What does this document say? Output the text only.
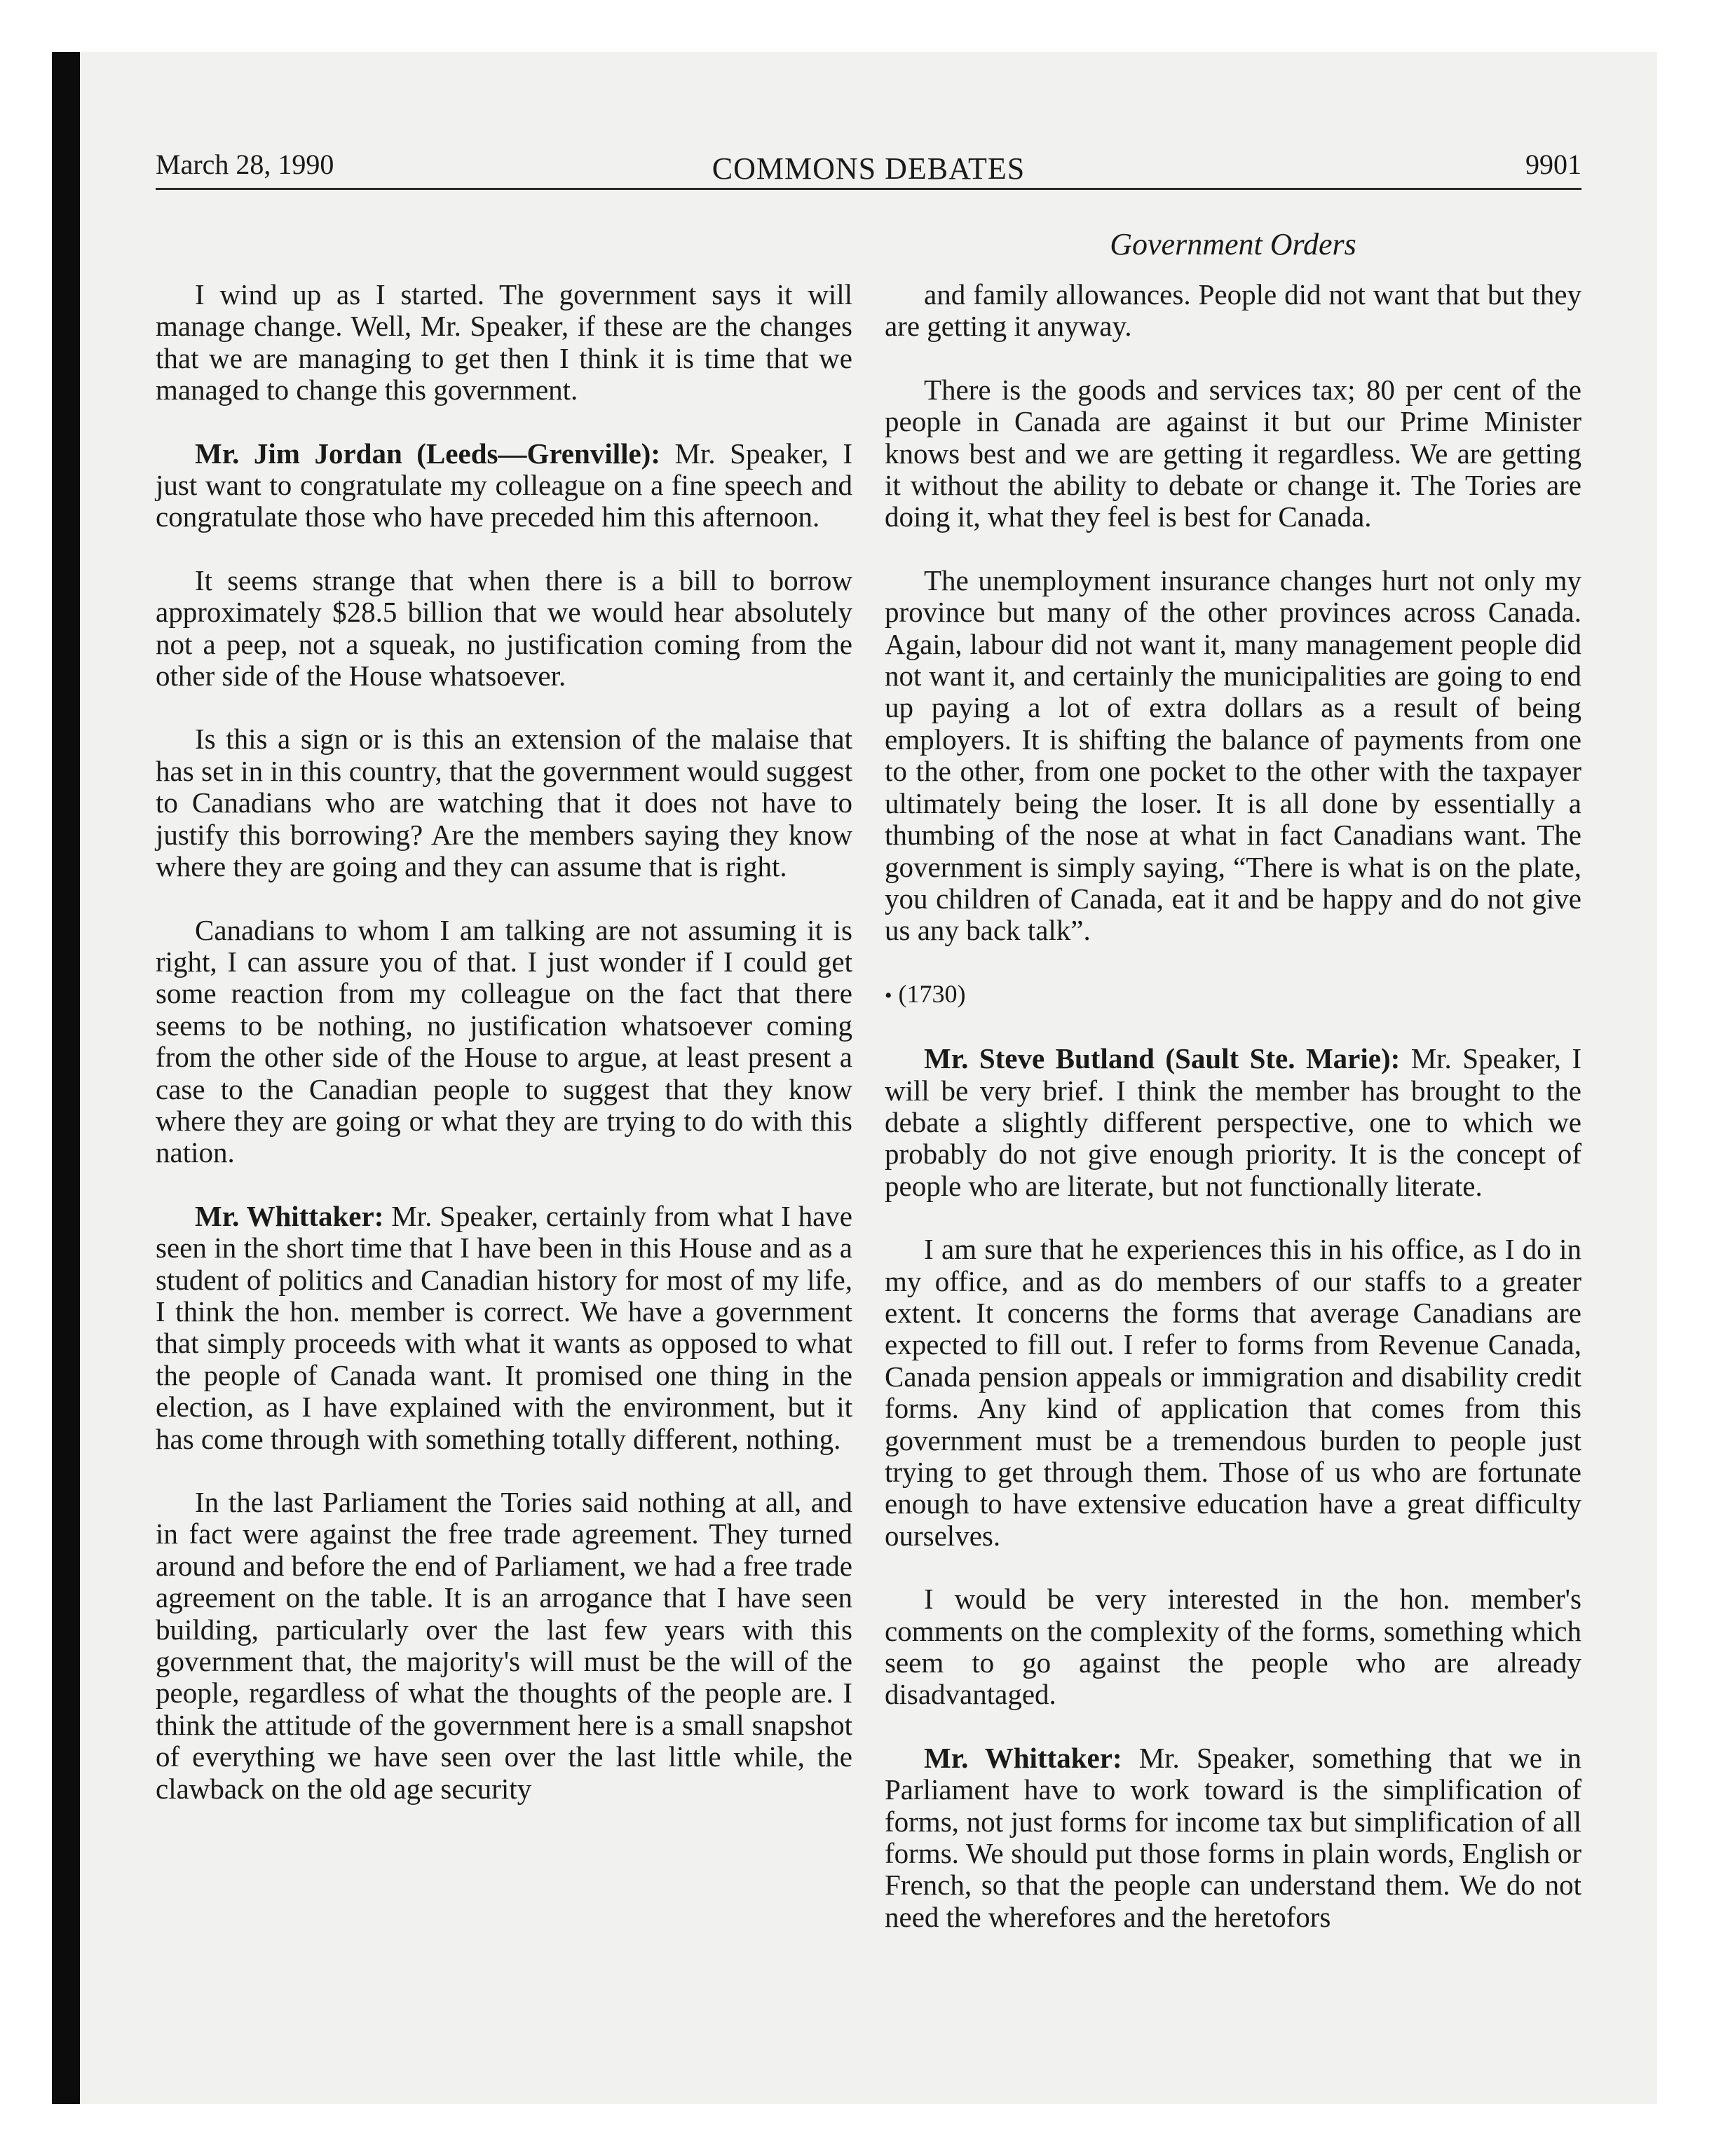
March 28, 1990	COMMONS DEBATES	9901
Government Orders

I wind up as I started. The government says it will manage change. Well, Mr. Speaker, if these are the changes that we are managing to get then I think it is time that we managed to change this government.

Mr. Jim Jordan (Leeds—Grenville): Mr. Speaker, I just want to congratulate my colleague on a fine speech and congratulate those who have preceded him this afternoon.

It seems strange that when there is a bill to borrow approximately $28.5 billion that we would hear absolutely not a peep, not a squeak, no justification coming from the other side of the House whatsoever.

Is this a sign or is this an extension of the malaise that has set in in this country, that the government would suggest to Canadians who are watching that it does not have to justify this borrowing? Are the members saying they know where they are going and they can assume that is right.

Canadians to whom I am talking are not assuming it is right, I can assure you of that. I just wonder if I could get some reaction from my colleague on the fact that there seems to be nothing, no justification whatsoever coming from the other side of the House to argue, at least present a case to the Canadian people to suggest that they know where they are going or what they are trying to do with this nation.

Mr. Whittaker: Mr. Speaker, certainly from what I have seen in the short time that I have been in this House and as a student of politics and Canadian history for most of my life, I think the hon. member is correct. We have a government that simply proceeds with what it wants as opposed to what the people of Canada want. It promised one thing in the election, as I have explained with the environment, but it has come through with something totally different, nothing.

In the last Parliament the Tories said nothing at all, and in fact were against the free trade agreement. They turned around and before the end of Parliament, we had a free trade agreement on the table. It is an arrogance that I have seen building, particularly over the last few years with this government that, the majority's will must be the will of the people, regardless of what the thoughts of the people are. I think the attitude of the government here is a small snapshot of everything we have seen over the last little while, the clawback on the old age security

and family allowances. People did not want that but they are getting it anyway.

There is the goods and services tax; 80 per cent of the people in Canada are against it but our Prime Minister knows best and we are getting it regardless. We are getting it without the ability to debate or change it. The Tories are doing it, what they feel is best for Canada.

The unemployment insurance changes hurt not only my province but many of the other provinces across Canada. Again, labour did not want it, many management people did not want it, and certainly the municipalities are going to end up paying a lot of extra dollars as a result of being employers. It is shifting the balance of payments from one to the other, from one pocket to the other with the taxpayer ultimately being the loser. It is all done by essentially a thumbing of the nose at what in fact Canadians want. The government is simply saying, “There is what is on the plate, you children of Canada, eat it and be happy and do not give us any back talk”.

• (1730)

Mr. Steve Butland (Sault Ste. Marie): Mr. Speaker, I will be very brief. I think the member has brought to the debate a slightly different perspective, one to which we probably do not give enough priority. It is the concept of people who are literate, but not functionally literate.

I am sure that he experiences this in his office, as I do in my office, and as do members of our staffs to a greater extent. It concerns the forms that average Canadians are expected to fill out. I refer to forms from Revenue Canada, Canada pension appeals or immigration and disability credit forms. Any kind of application that comes from this government must be a tremendous burden to people just trying to get through them. Those of us who are fortunate enough to have extensive education have a great difficulty ourselves.

I would be very interested in the hon. member's comments on the complexity of the forms, something which seem to go against the people who are already disadvantaged.

Mr. Whittaker: Mr. Speaker, something that we in Parliament have to work toward is the simplification of forms, not just forms for income tax but simplification of all forms. We should put those forms in plain words, English or French, so that the people can understand them. We do not need the wherefores and the heretofors
